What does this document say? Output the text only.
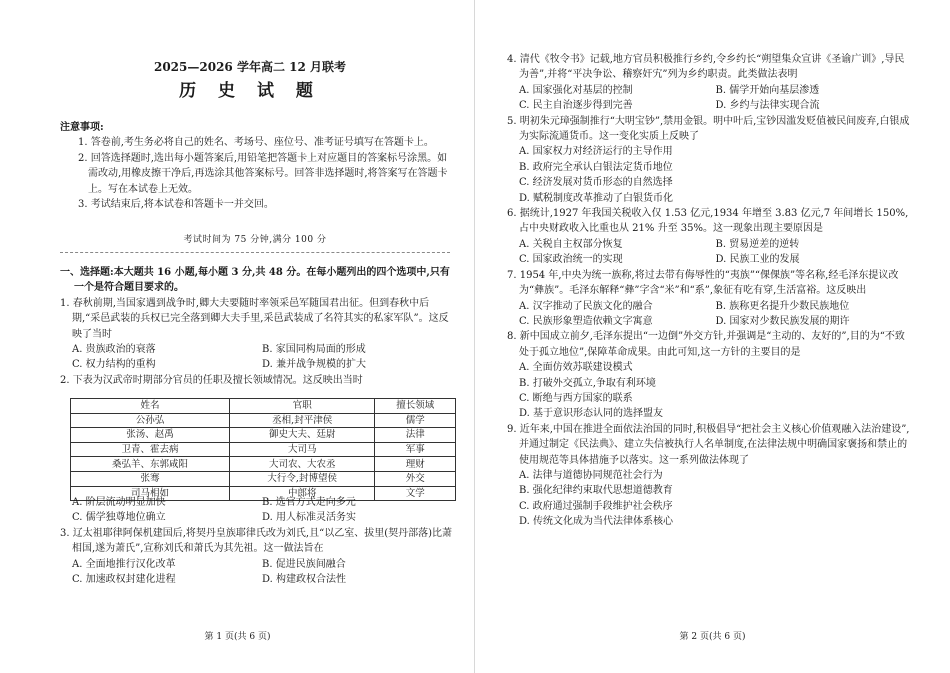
2025—2026 学年高二 12 月联考
历 史 试 题
注意事项:
1. 答卷前,考生务必将自己的姓名、考场号、座位号、准考证号填写在答题卡上。
2. 回答选择题时,选出每小题答案后,用铅笔把答题卡上对应题目的答案标号涂黑。如需改动,用橡皮擦干净后,再选涂其他答案标号。回答非选择题时,将答案写在答题卡上。写在本试卷上无效。
3. 考试结束后,将本试卷和答题卡一并交回。
考试时间为 75 分钟,满分 100 分
一、选择题:本大题共 16 小题,每小题 3 分,共 48 分。在每小题列出的四个选项中,只有一个是符合题目要求的。
1. 春秋前期,当国家遇到战争时,卿大夫要随时率领采邑军随国君出征。但到春秋中后期,“采邑武装的兵权已完全落到卿大夫手里,采邑武装成了名符其实的私家军队”。这反映了当时
A. 贵族政治的衰落	B. 家国同构局面的形成
C. 权力结构的重构	D. 兼并战争规模的扩大
2. 下表为汉武帝时期部分官员的任职及擅长领域情况。这反映出当时
姓名	官职	擅长领域
公孙弘	丞相,封平津侯	儒学
张汤、赵禹	御史大夫、廷尉	法律
卫青、霍去病	大司马	军事
桑弘羊、东郭咸阳	大司农、大农丞	理财
张骞	大行令,封博望侯	外交
司马相如	中郎将	文学
A. 阶层流动明显加快	B. 选官方式走向多元
C. 儒学独尊地位确立	D. 用人标准灵活务实
3. 辽太祖耶律阿保机建国后,将契丹皇族耶律氏改为刘氏,且“以乙室、拔里(契丹部落)比萧相国,遂为萧氏”,宣称刘氏和萧氏为其先祖。这一做法旨在
A. 全面地推行汉化改革	B. 促进民族间融合
C. 加速政权封建化进程	D. 构建政权合法性
第 1 页(共 6 页)
4. 清代《牧令书》记载,地方官员积极推行乡约,令乡约长“朔望集众宣讲《圣谕广训》,导民为善”,并将“平决争讼、稽察奸宄”列为乡约职责。此类做法表明
A. 国家强化对基层的控制	B. 儒学开始向基层渗透
C. 民主自治逐步得到完善	D. 乡约与法律实现合流
5. 明初朱元璋强制推行“大明宝钞”,禁用金银。明中叶后,宝钞因滥发贬值被民间废弃,白银成为实际流通货币。这一变化实质上反映了
A. 国家权力对经济运行的主导作用
B. 政府完全承认白银法定货币地位
C. 经济发展对货币形态的自然选择
D. 赋税制度改革推动了白银货币化
6. 据统计,1927 年我国关税收入仅 1.53 亿元,1934 年增至 3.83 亿元,7 年间增长 150%,占中央财政收入比重也从 21% 升至 35%。这一现象出现主要原因是
A. 关税自主权部分恢复	B. 贸易逆差的逆转
C. 国家政治统一的实现	D. 民族工业的发展
7. 1954 年,中央为统一族称,将过去带有侮辱性的“夷族”“倮倮族”等名称,经毛泽东提议改为“彝族”。毛泽东解释“彝”字含“米”和“系”,象征有吃有穿,生活富裕。这反映出
A. 汉字推动了民族文化的融合	B. 族称更名提升少数民族地位
C. 民族形象塑造依赖文字寓意	D. 国家对少数民族发展的期许
8. 新中国成立前夕,毛泽东提出“一边倒”外交方针,并强调是“主动的、友好的”,目的为“不致处于孤立地位”,保障革命成果。由此可知,这一方针的主要目的是
A. 全面仿效苏联建设模式
B. 打破外交孤立,争取有利环境
C. 断绝与西方国家的联系
D. 基于意识形态认同的选择盟友
9. 近年来,中国在推进全面依法治国的同时,积极倡导“把社会主义核心价值观融入法治建设”,并通过制定《民法典》、建立失信被执行人名单制度,在法律法规中明确国家褒扬和禁止的使用规范等具体措施予以落实。这一系列做法体现了
A. 法律与道德协同规范社会行为
B. 强化纪律约束取代思想道德教育
C. 政府通过强制手段维护社会秩序
D. 传统文化成为当代法律体系核心
第 2 页(共 6 页)
